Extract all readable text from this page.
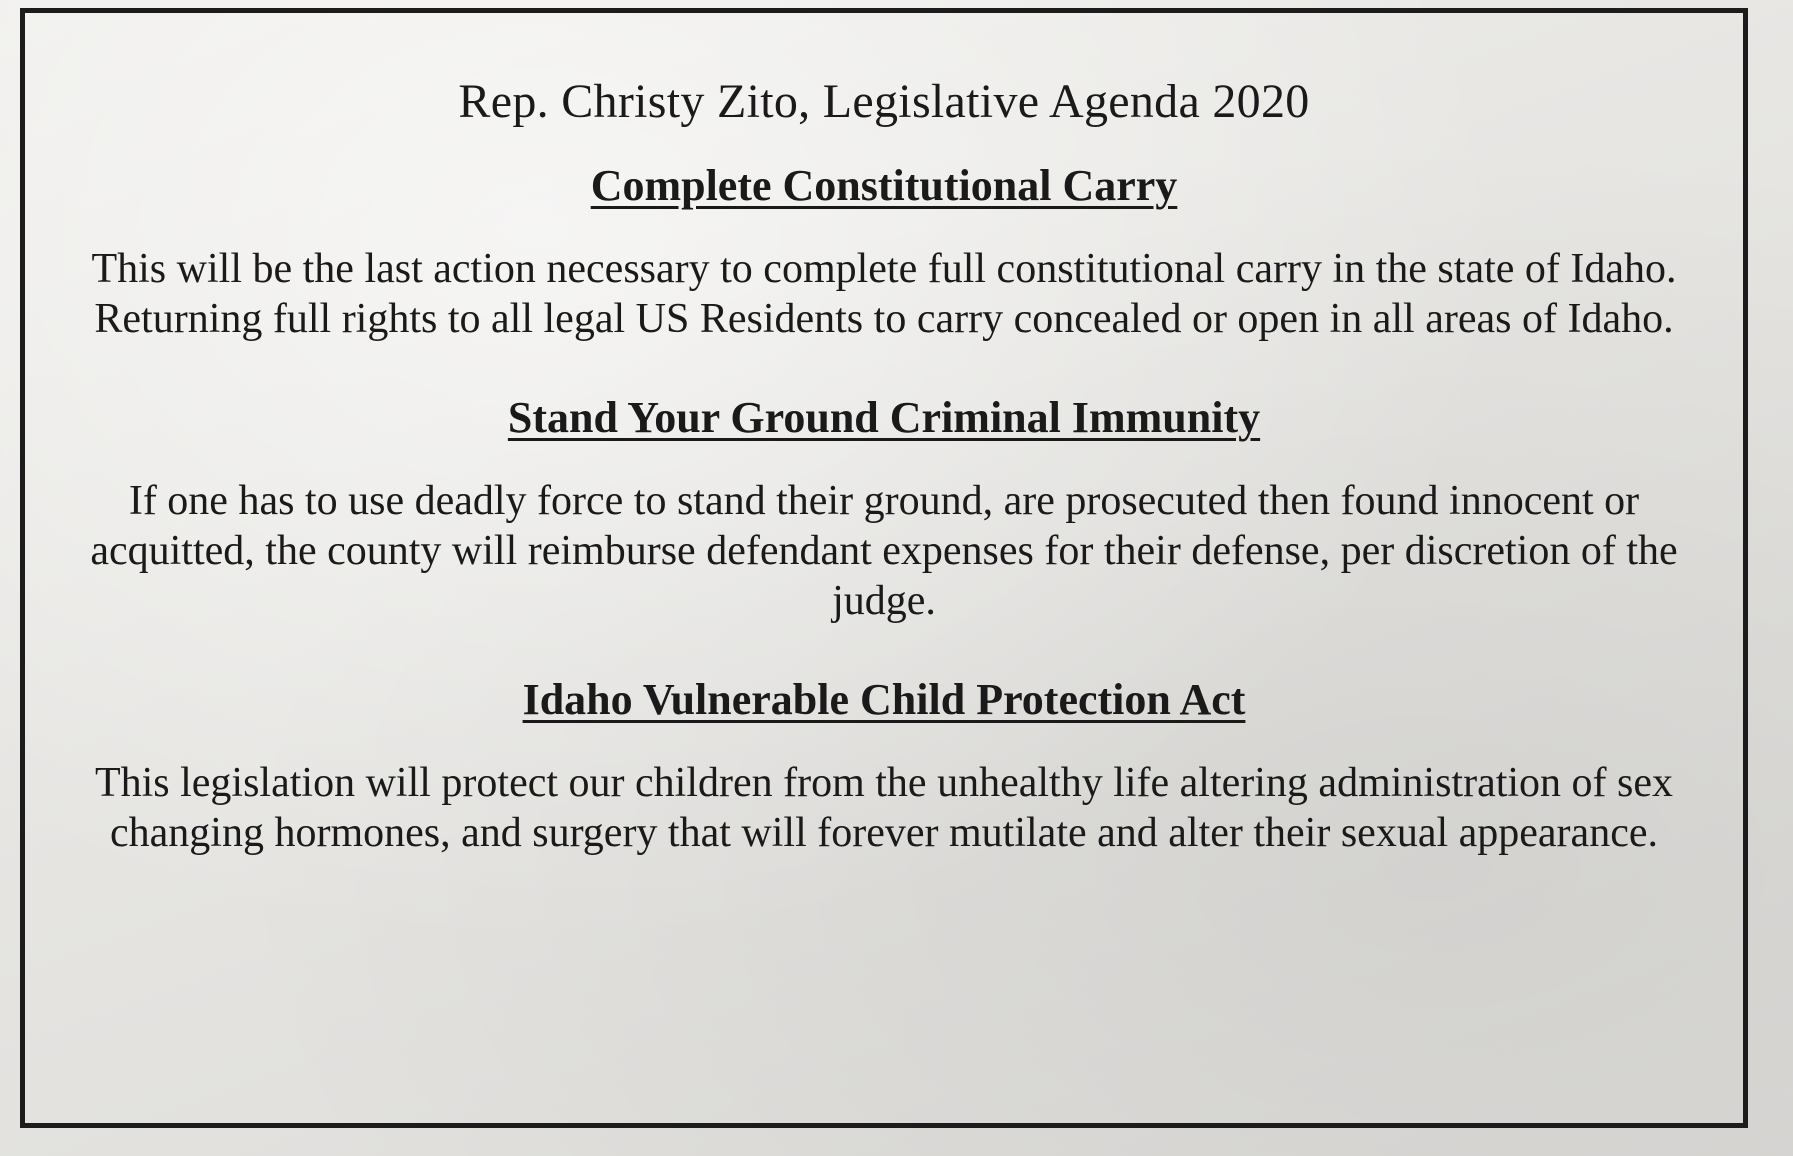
Rep. Christy Zito, Legislative Agenda 2020
Complete Constitutional Carry

This will be the last action necessary to complete full constitutional carry in the state of Idaho. Returning full rights to all legal US Residents to carry concealed or open in all areas of Idaho.

Stand Your Ground Criminal Immunity

If one has to use deadly force to stand their ground, are prosecuted then found innocent or acquitted, the county will reimburse defendant expenses for their defense, per discretion of the judge.

Idaho Vulnerable Child Protection Act

This legislation will protect our children from the unhealthy life altering administration of sex changing hormones, and surgery that will forever mutilate and alter their sexual appearance.
